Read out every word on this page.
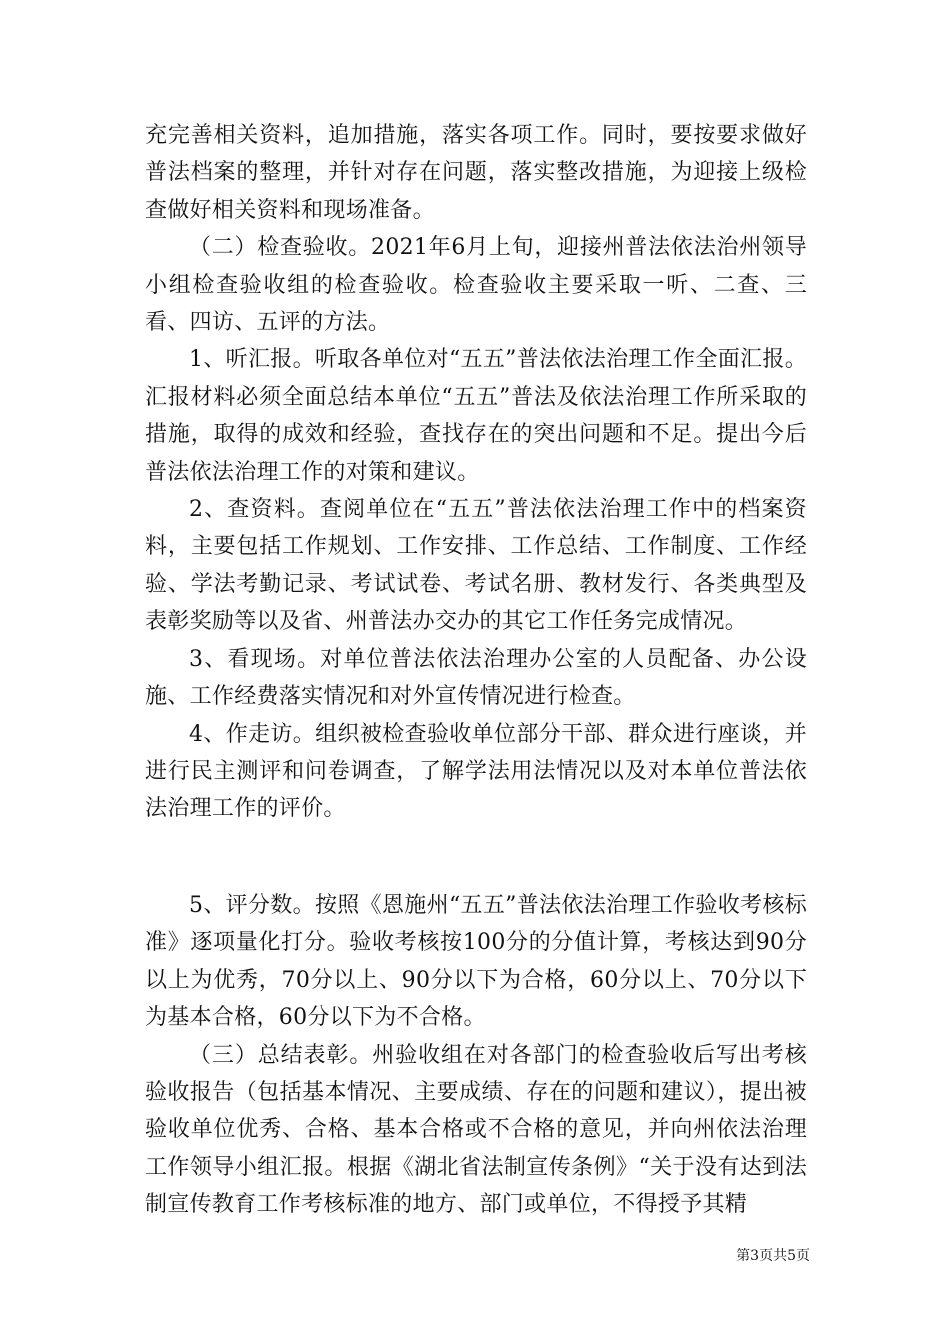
充完善相关资料，追加措施，落实各项工作。同时，要按要求做好普法档案的整理，并针对存在问题，落实整改措施，为迎接上级检查做好相关资料和现场准备。

（二）检查验收。2021年6月上旬，迎接州普法依法治州领导小组检查验收组的检查验收。检查验收主要采取一听、二查、三看、四访、五评的方法。

1、听汇报。听取各单位对“五五”普法依法治理工作全面汇报。汇报材料必须全面总结本单位“五五”普法及依法治理工作所采取的措施，取得的成效和经验，查找存在的突出问题和不足。提出今后普法依法治理工作的对策和建议。

2、查资料。查阅单位在“五五”普法依法治理工作中的档案资料，主要包括工作规划、工作安排、工作总结、工作制度、工作经验、学法考勤记录、考试试卷、考试名册、教材发行、各类典型及表彰奖励等以及省、州普法办交办的其它工作任务完成情况。

3、看现场。对单位普法依法治理办公室的人员配备、办公设施、工作经费落实情况和对外宣传情况进行检查。

4、作走访。组织被检查验收单位部分干部、群众进行座谈，并进行民主测评和问卷调查，了解学法用法情况以及对本单位普法依法治理工作的评价。

5、评分数。按照《恩施州“五五”普法依法治理工作验收考核标准》逐项量化打分。验收考核按100分的分值计算，考核达到90分以上为优秀，70分以上、90分以下为合格，60分以上、70分以下为基本合格，60分以下为不合格。

（三）总结表彰。州验收组在对各部门的检查验收后写出考核验收报告（包括基本情况、主要成绩、存在的问题和建议），提出被验收单位优秀、合格、基本合格或不合格的意见，并向州依法治理工作领导小组汇报。根据《湖北省法制宣传条例》“关于没有达到法制宣传教育工作考核标准的地方、部门或单位，不得授予其精

第3页共5页
